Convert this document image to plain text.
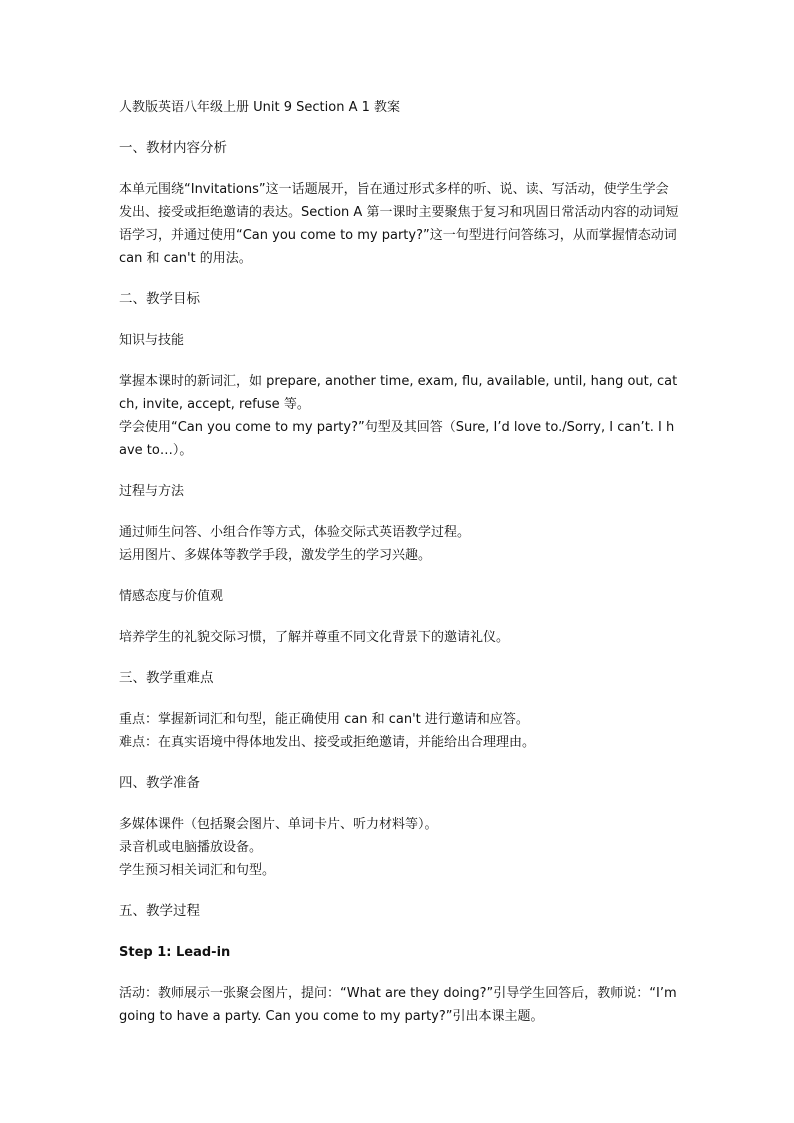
人教版英语八年级上册 Unit 9 Section A 1 教案

一、教材内容分析

本单元围绕“Invitations”这一话题展开，旨在通过形式多样的听、说、读、写活动，使学生学会发出、接受或拒绝邀请的表达。Section A 第一课时主要聚焦于复习和巩固日常活动内容的动词短语学习，并通过使用“Can you come to my party?”这一句型进行问答练习，从而掌握情态动词 can 和 can't 的用法。

二、教学目标

知识与技能

掌握本课时的新词汇，如 prepare, another time, exam, flu, available, until, hang out, catch, invite, accept, refuse 等。
学会使用“Can you come to my party?”句型及其回答（Sure, I’d love to./Sorry, I can’t. I have to…）。

过程与方法

通过师生问答、小组合作等方式，体验交际式英语教学过程。
运用图片、多媒体等教学手段，激发学生的学习兴趣。

情感态度与价值观

培养学生的礼貌交际习惯，了解并尊重不同文化背景下的邀请礼仪。

三、教学重难点

重点：掌握新词汇和句型，能正确使用 can 和 can't 进行邀请和应答。
难点：在真实语境中得体地发出、接受或拒绝邀请，并能给出合理理由。

四、教学准备

多媒体课件（包括聚会图片、单词卡片、听力材料等）。
录音机或电脑播放设备。
学生预习相关词汇和句型。

五、教学过程

Step 1: Lead-in

活动：教师展示一张聚会图片，提问：“What are they doing?”引导学生回答后，教师说：“I’m going to have a party. Can you come to my party?”引出本课主题。
